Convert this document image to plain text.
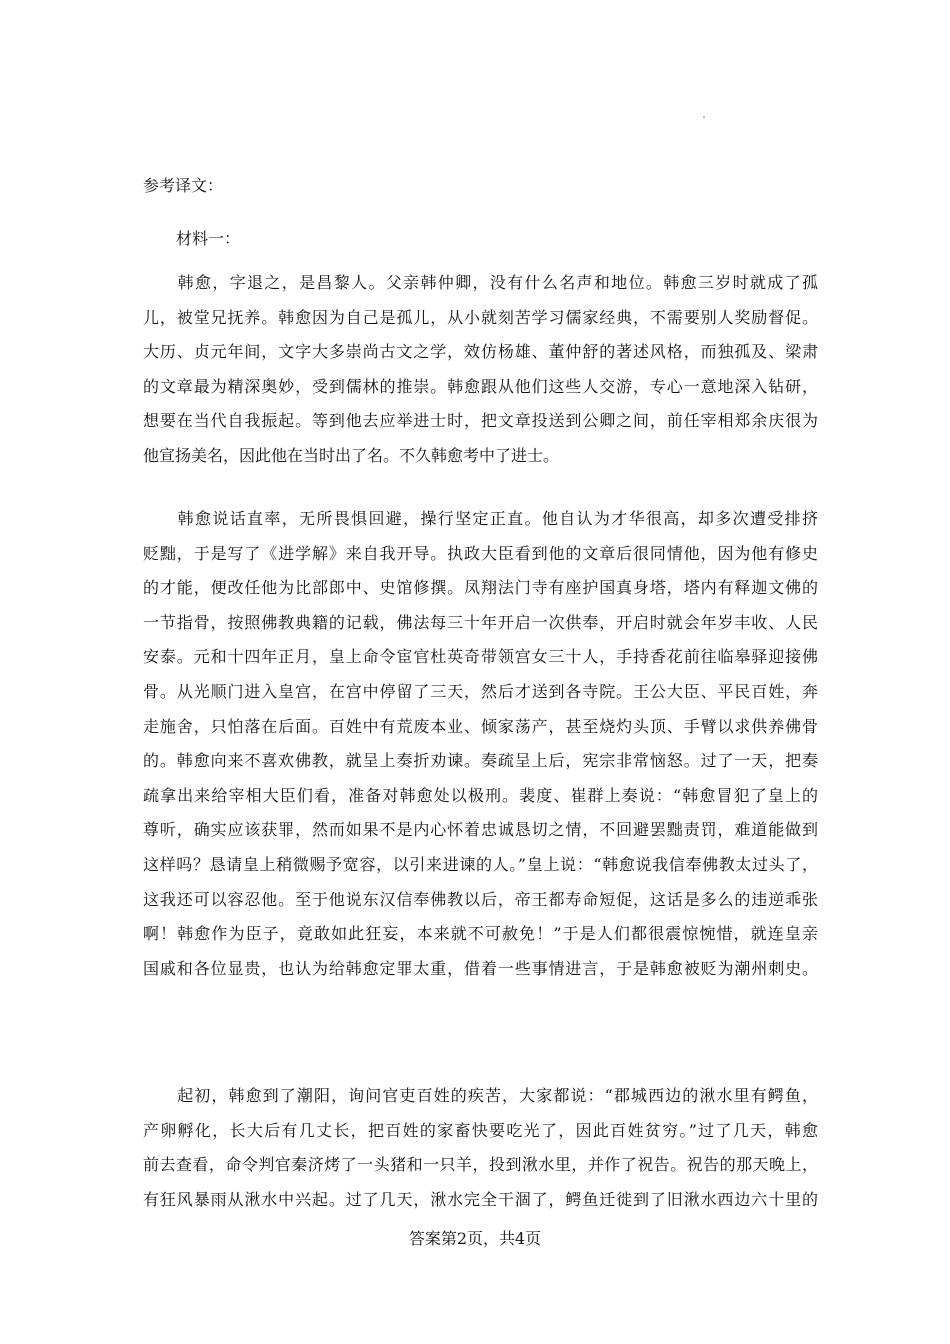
参考译文：
材料一：
　　韩愈，字退之，是昌黎人。父亲韩仲卿，没有什么名声和地位。韩愈三岁时就成了孤
儿，被堂兄抚养。韩愈因为自己是孤儿，从小就刻苦学习儒家经典，不需要别人奖励督促。
大历、贞元年间，文字大多崇尚古文之学，效仿杨雄、董仲舒的著述风格，而独孤及、梁肃
的文章最为精深奥妙，受到儒林的推崇。韩愈跟从他们这些人交游，专心一意地深入钻研，
想要在当代自我振起。等到他去应举进士时，把文章投送到公卿之间，前任宰相郑余庆很为
他宣扬美名，因此他在当时出了名。不久韩愈考中了进士。
　　韩愈说话直率，无所畏惧回避，操行坚定正直。他自认为才华很高，却多次遭受排挤
贬黜，于是写了《进学解》来自我开导。执政大臣看到他的文章后很同情他，因为他有修史
的才能，便改任他为比部郎中、史馆修撰。凤翔法门寺有座护国真身塔，塔内有释迦文佛的
一节指骨，按照佛教典籍的记载，佛法每三十年开启一次供奉，开启时就会年岁丰收、人民
安泰。元和十四年正月，皇上命令宦官杜英奇带领宫女三十人，手持香花前往临皋驿迎接佛
骨。从光顺门进入皇宫，在宫中停留了三天，然后才送到各寺院。王公大臣、平民百姓，奔
走施舍，只怕落在后面。百姓中有荒废本业、倾家荡产，甚至烧灼头顶、手臂以求供养佛骨
的。韩愈向来不喜欢佛教，就呈上奏折劝谏。奏疏呈上后，宪宗非常恼怒。过了一天，把奏
疏拿出来给宰相大臣们看，准备对韩愈处以极刑。裴度、崔群上奏说：“韩愈冒犯了皇上的
尊听，确实应该获罪，然而如果不是内心怀着忠诚恳切之情，不回避罢黜责罚，难道能做到
这样吗？恳请皇上稍微赐予宽容，以引来进谏的人。”皇上说：“韩愈说我信奉佛教太过头了，
这我还可以容忍他。至于他说东汉信奉佛教以后，帝王都寿命短促，这话是多么的违逆乖张
啊！韩愈作为臣子，竟敢如此狂妄，本来就不可赦免！”于是人们都很震惊惋惜，就连皇亲
国戚和各位显贵，也认为给韩愈定罪太重，借着一些事情进言，于是韩愈被贬为潮州刺史。
　　起初，韩愈到了潮阳，询问官吏百姓的疾苦，大家都说：“郡城西边的湫水里有鳄鱼，
产卵孵化，长大后有几丈长，把百姓的家畜快要吃光了，因此百姓贫穷。”过了几天，韩愈
前去查看，命令判官秦济烤了一头猪和一只羊，投到湫水里，并作了祝告。祝告的那天晚上，
有狂风暴雨从湫水中兴起。过了几天，湫水完全干涸了，鳄鱼迁徙到了旧湫水西边六十里的
答案第2页，共4页
